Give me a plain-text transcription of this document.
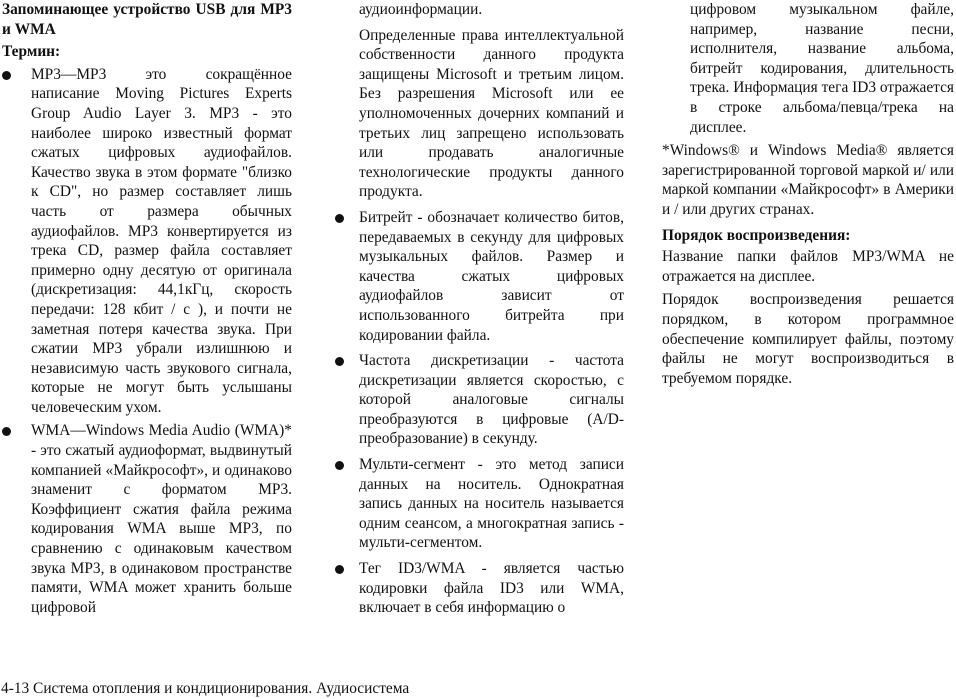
Запоминающее устройство USB для MP3 и WMA

Термин:

MP3—MP3 это сокращённое написание Moving Pictures Experts Group Audio Layer 3. MP3 - это наиболее широко известный формат сжатых цифровых аудиофайлов. Качество звука в этом формате "близко к CD", но размер составляет лишь часть от размера обычных аудиофайлов. MP3 конвертируется из трека CD, размер файла составляет примерно одну десятую от оригинала (дискретизация: 44,1кГц, скорость передачи: 128 кбит / с ), и почти не заметная потеря качества звука. При сжатии MP3 убрали излишнюю и независимую часть звукового сигнала, которые не могут быть услышаны человеческим ухом.

WMA—Windows Media Audio (WMA)* - это сжатый аудиоформат, выдвинутый компанией «Майкрософт», и одинаково знаменит с форматом MP3. Коэффициент сжатия файла режима кодирования WMA выше MP3, по сравнению с одинаковым качеством звука MP3, в одинаковом пространстве памяти, WMA может хранить больше цифровой

аудиоинформации.

Определенные права интеллектуальной собственности данного продукта защищены Microsoft и третьим лицом. Без разрешения Microsoft или ее уполномоченных дочерних компаний и третьих лиц запрещено использовать или продавать аналогичные технологические продукты данного продукта.

Битрейт - обозначает количество битов, передаваемых в секунду для цифровых музыкальных файлов. Размер и качества сжатых цифровых аудиофайлов зависит от использованного битрейта при кодировании файла.

Частота дискретизации - частота дискретизации является скоростью, с которой аналоговые сигналы преобразуются в цифровые (A/D-преобразование) в секунду.

Мульти-сегмент - это метод записи данных на носитель. Однократная запись данных на носитель называется одним сеансом, а многократная запись - мульти-сегментом.

Тег ID3/WMA - является частью кодировки файла ID3 или WMA, включает в себя информацию о

цифровом музыкальном файле, например, название песни, исполнителя, название альбома, битрейт кодирования, длительность трека. Информация тега ID3 отражается в строке альбома/певца/трека на дисплее.

*Windows® и Windows Media® является зарегистрированной торговой маркой и/ или маркой компании «Майкрософт» в Америки и / или других странах.

Порядок воспроизведения:

Название папки файлов MP3/WMA не отражается на дисплее.

Порядок воспроизведения решается порядком, в котором программное обеспечение компилирует файлы, поэтому файлы не могут воспроизводиться в требуемом порядке.

4-13 Система отопления и кондиционирования. Аудиосистема
